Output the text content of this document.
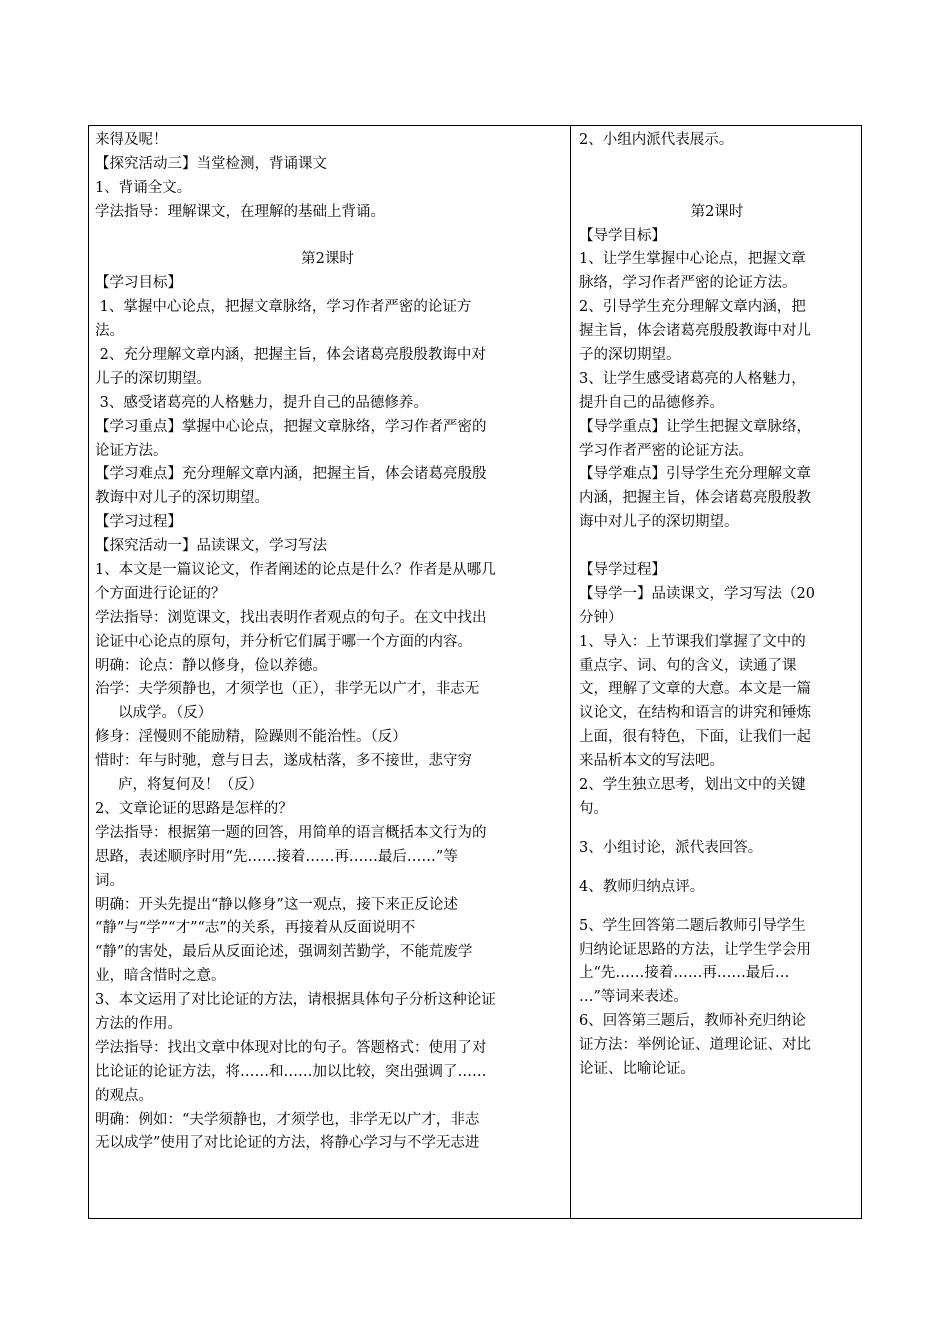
来得及呢！
【探究活动三】当堂检测，背诵课文
1、背诵全文。
学法指导：理解课文，在理解的基础上背诵。
第2课时
【学习目标】
1、掌握中心论点，把握文章脉络，学习作者严密的论证方
法。
2、充分理解文章内涵，把握主旨，体会诸葛亮殷殷教诲中对
儿子的深切期望。
3、感受诸葛亮的人格魅力，提升自己的品德修养。
【学习重点】掌握中心论点，把握文章脉络，学习作者严密的
论证方法。
【学习难点】充分理解文章内涵，把握主旨，体会诸葛亮殷殷
教诲中对儿子的深切期望。
【学习过程】
【探究活动一】品读课文，学习写法
1、本文是一篇议论文，作者阐述的论点是什么？作者是从哪几
个方面进行论证的？
学法指导：浏览课文，找出表明作者观点的句子。在文中找出
论证中心论点的原句，并分析它们属于哪一个方面的内容。
明确：论点：静以修身，俭以养德。
治学：夫学须静也，才须学也（正），非学无以广才，非志无
以成学。（反）
修身：淫慢则不能励精，险躁则不能治性。（反）
惜时：年与时驰，意与日去，遂成枯落，多不接世，悲守穷
庐，将复何及！（反）
2、文章论证的思路是怎样的？
学法指导：根据第一题的回答，用简单的语言概括本文行为的
思路，表述顺序时用“先……接着……再……最后……”等
词。
明确：开头先提出“静以修身”这一观点，接下来正反论述
“静”与“学”“才”“志”的关系，再接着从反面说明不
“静”的害处，最后从反面论述，强调刻苦勤学，不能荒废学
业，暗含惜时之意。
3、本文运用了对比论证的方法，请根据具体句子分析这种论证
方法的作用。
学法指导：找出文章中体现对比的句子。答题格式：使用了对
比论证的论证方法，将……和……加以比较，突出强调了……
的观点。
明确：例如：“夫学须静也，才须学也，非学无以广才，非志
无以成学”使用了对比论证的方法，将静心学习与不学无志进
2、小组内派代表展示。
第2课时
【导学目标】
1、让学生掌握中心论点，把握文章
脉络，学习作者严密的论证方法。
2、引导学生充分理解文章内涵，把
握主旨，体会诸葛亮殷殷教诲中对儿
子的深切期望。
3、让学生感受诸葛亮的人格魅力，
提升自己的品德修养。
【导学重点】让学生把握文章脉络，
学习作者严密的论证方法。
【导学难点】引导学生充分理解文章
内涵，把握主旨，体会诸葛亮殷殷教
诲中对儿子的深切期望。
【导学过程】
【导学一】品读课文，学习写法（20
分钟）
1、导入：上节课我们掌握了文中的
重点字、词、句的含义，读通了课
文，理解了文章的大意。本文是一篇
议论文，在结构和语言的讲究和锤炼
上面，很有特色，下面，让我们一起
来品析本文的写法吧。
2、学生独立思考，划出文中的关键
句。
3、小组讨论，派代表回答。
4、教师归纳点评。
5、学生回答第二题后教师引导学生
归纳论证思路的方法，让学生学会用
上“先……接着……再……最后…
…”等词来表述。
6、回答第三题后，教师补充归纳论
证方法：举例论证、道理论证、对比
论证、比喻论证。
